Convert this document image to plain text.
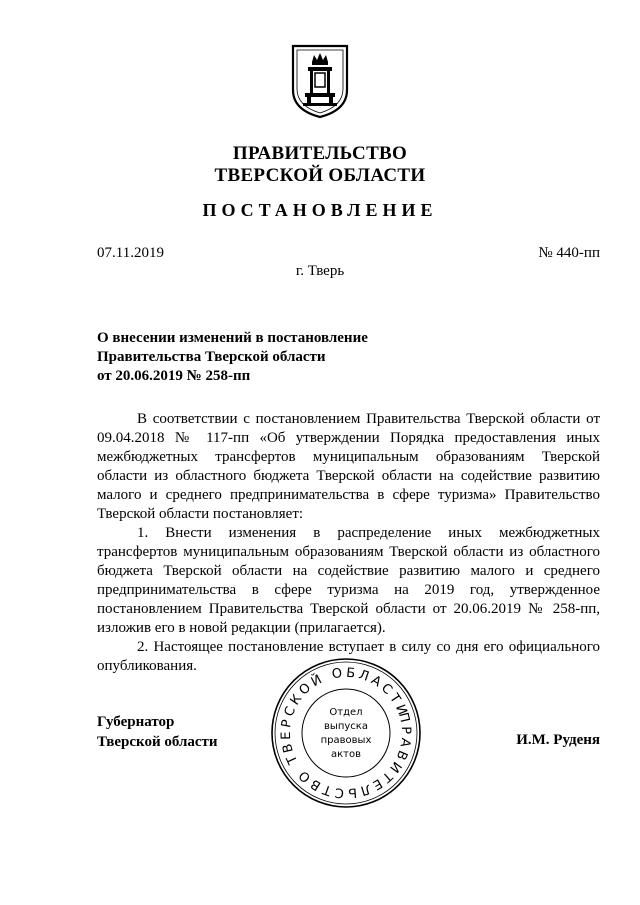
ПРАВИТЕЛЬСТВО
ТВЕРСКОЙ ОБЛАСТИ
ПОСТАНОВЛЕНИЕ
07.11.2019	№ 440-пп
г. Тверь
О внесении изменений в постановление
Правительства Тверской области
от 20.06.2019 № 258-пп

В соответствии с постановлением Правительства Тверской области от 09.04.2018 № 117-пп «Об утверждении Порядка предоставления иных межбюджетных трансфертов муниципальным образованиям Тверской области из областного бюджета Тверской области на содействие развитию малого и среднего предпринимательства в сфере туризма» Правительство Тверской области постановляет:

1. Внести изменения в распределение иных межбюджетных трансфертов муниципальным образованиям Тверской области из областного бюджета Тверской области на содействие развитию малого и среднего предпринимательства в сфере туризма на 2019 год, утвержденное постановлением Правительства Тверской области от 20.06.2019 № 258-пп, изложив его в новой редакции (прилагается).

2. Настоящее постановление вступает в силу со дня его официального опубликования.

Губернатор
Тверской области	И.М. Руденя
ПРАВИТЕЛЬСТВО ТВЕРСКОЙ ОБЛАСТИ
Отдел
выпуска
правовых
актов
